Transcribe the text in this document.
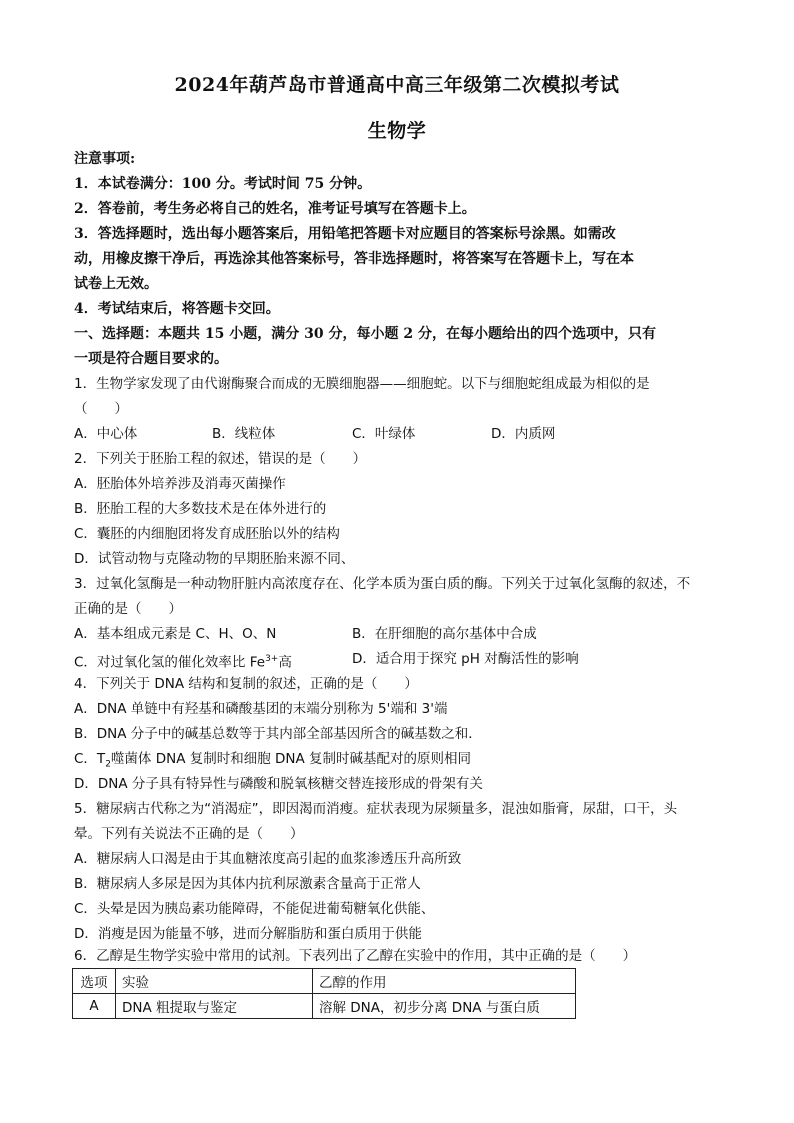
2024年葫芦岛市普通高中高三年级第二次模拟考试
生物学
注意事项:
1．本试卷满分：100 分。考试时间 75 分钟。
2．答卷前，考生务必将自己的姓名，准考证号填写在答题卡上。
3．答选择题时，选出每小题答案后，用铅笔把答题卡对应题目的答案标号涂黑。如需改
动，用橡皮擦干净后，再选涂其他答案标号，答非选择题时，将答案写在答题卡上，写在本
试卷上无效。
4．考试结束后，将答题卡交回。
一、选择题：本题共 15 小题，满分 30 分，每小题 2 分，在每小题给出的四个选项中，只有
一项是符合题目要求的。
1．生物学家发现了由代谢酶聚合而成的无膜细胞器——细胞蛇。以下与细胞蛇组成最为相似的是
（　　）
A．中心体	B．线粒体	C．叶绿体	D．内质网
2．下列关于胚胎工程的叙述，错误的是（　　）
A．胚胎体外培养涉及消毒灭菌操作
B．胚胎工程的大多数技术是在体外进行的
C．囊胚的内细胞团将发育成胚胎以外的结构
D．试管动物与克隆动物的早期胚胎来源不同、
3．过氧化氢酶是一种动物肝脏内高浓度存在、化学本质为蛋白质的酶。下列关于过氧化氢酶的叙述，不
正确的是（　　）
A．基本组成元素是 C、H、O、N	B．在肝细胞的高尔基体中合成
C．对过氧化氢的催化效率比 $Fe^{3+}$高	D．适合用于探究 pH 对酶活性的影响
4．下列关于 DNA 结构和复制的叙述，正确的是（　　）
A．DNA 单链中有羟基和磷酸基团的末端分别称为 5'端和 3'端
B．DNA 分子中的碱基总数等于其内部全部基因所含的碱基数之和．
C．$T_2$噬菌体 DNA 复制时和细胞 DNA 复制时碱基配对的原则相同
D．DNA 分子具有特异性与磷酸和脱氧核糖交替连接形成的骨架有关
5．糖尿病古代称之为“消渴症”，即因渴而消瘦。症状表现为尿频量多，混浊如脂膏，尿甜，口干，头
晕。下列有关说法不正确的是（　　）
A．糖尿病人口渴是由于其血糖浓度高引起的血浆渗透压升高所致
B．糖尿病人多尿是因为其体内抗利尿激素含量高于正常人
C．头晕是因为胰岛素功能障碍，不能促进葡萄糖氧化供能、
D．消瘦是因为能量不够，进而分解脂肪和蛋白质用于供能
6．乙醇是生物学实验中常用的试剂。下表列出了乙醇在实验中的作用，其中正确的是（　　）
选项	实验	乙醇的作用
A	DNA 粗提取与鉴定	溶解 DNA，初步分离 DNA 与蛋白质
